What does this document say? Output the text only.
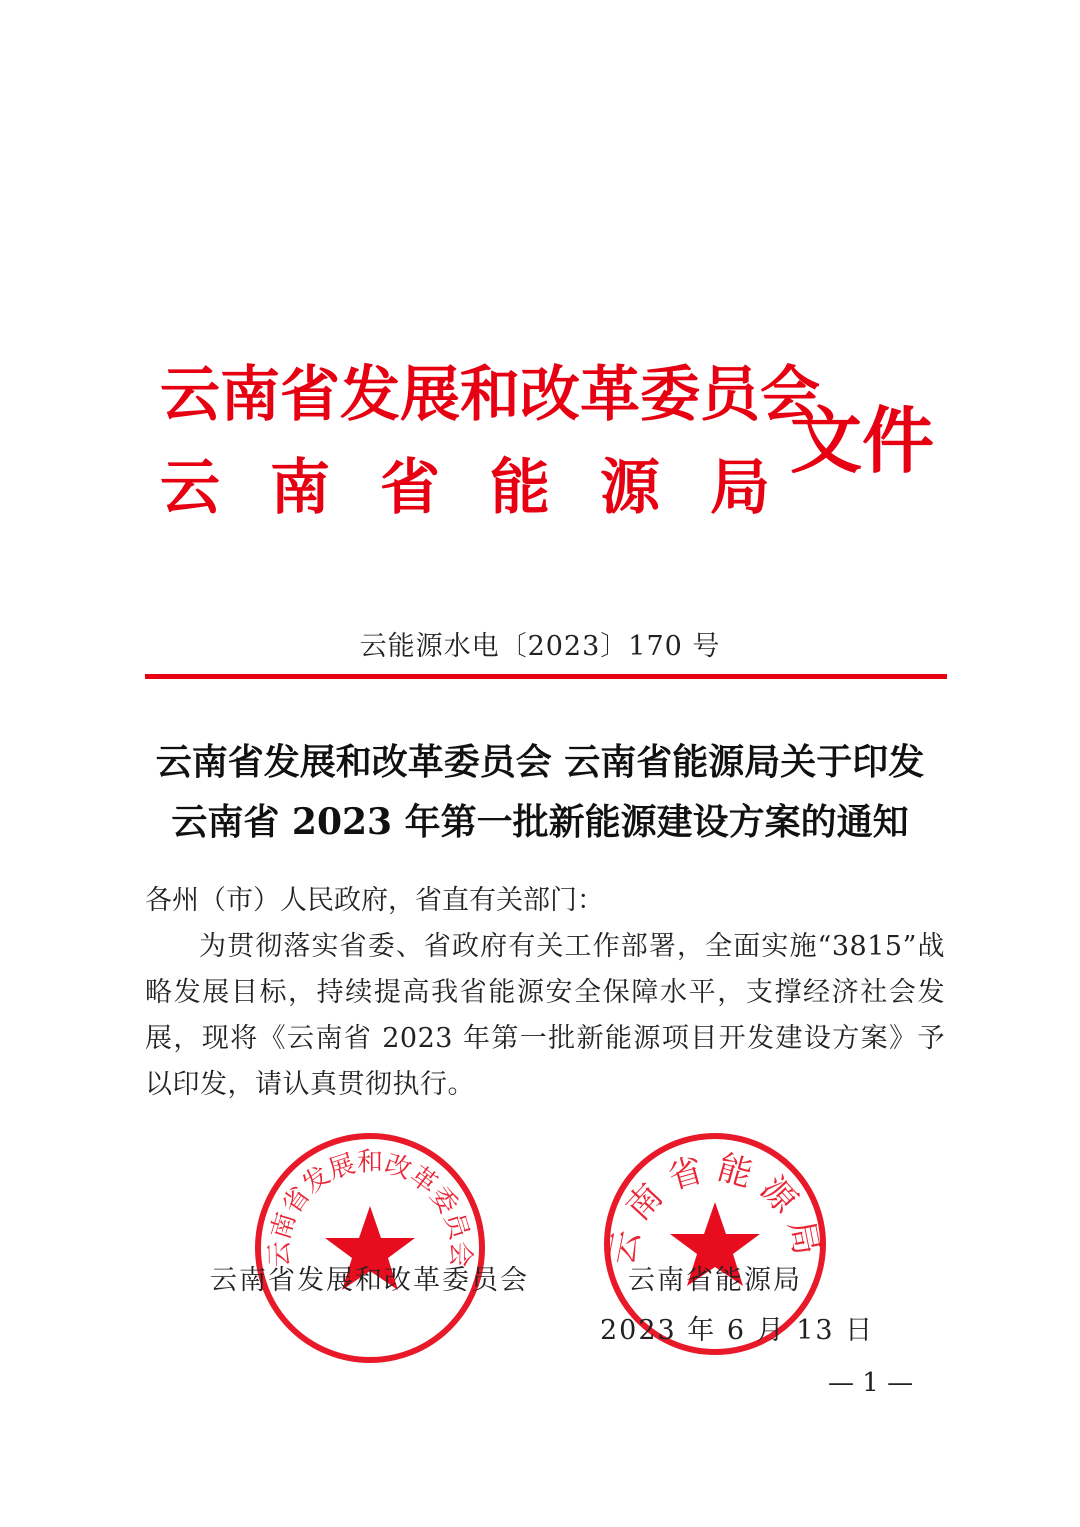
云南省发展和改革委员会
云 南 省 能 源 局
文件
云能源水电〔2023〕170 号
云南省发展和改革委员会 云南省能源局关于印发
云南省 2023 年第一批新能源建设方案的通知
各州（市）人民政府，省直有关部门：
为贯彻落实省委、省政府有关工作部署，全面实施“3815”战略发展目标，持续提高我省能源安全保障水平，支撑经济社会发展，现将《云南省 2023 年第一批新能源项目开发建设方案》予以印发，请认真贯彻执行。
云南省发展和改革委员会	云南省能源局
云南省发展和改革委员会	云南省能源局
2023 年 6 月 13 日
— 1 —
